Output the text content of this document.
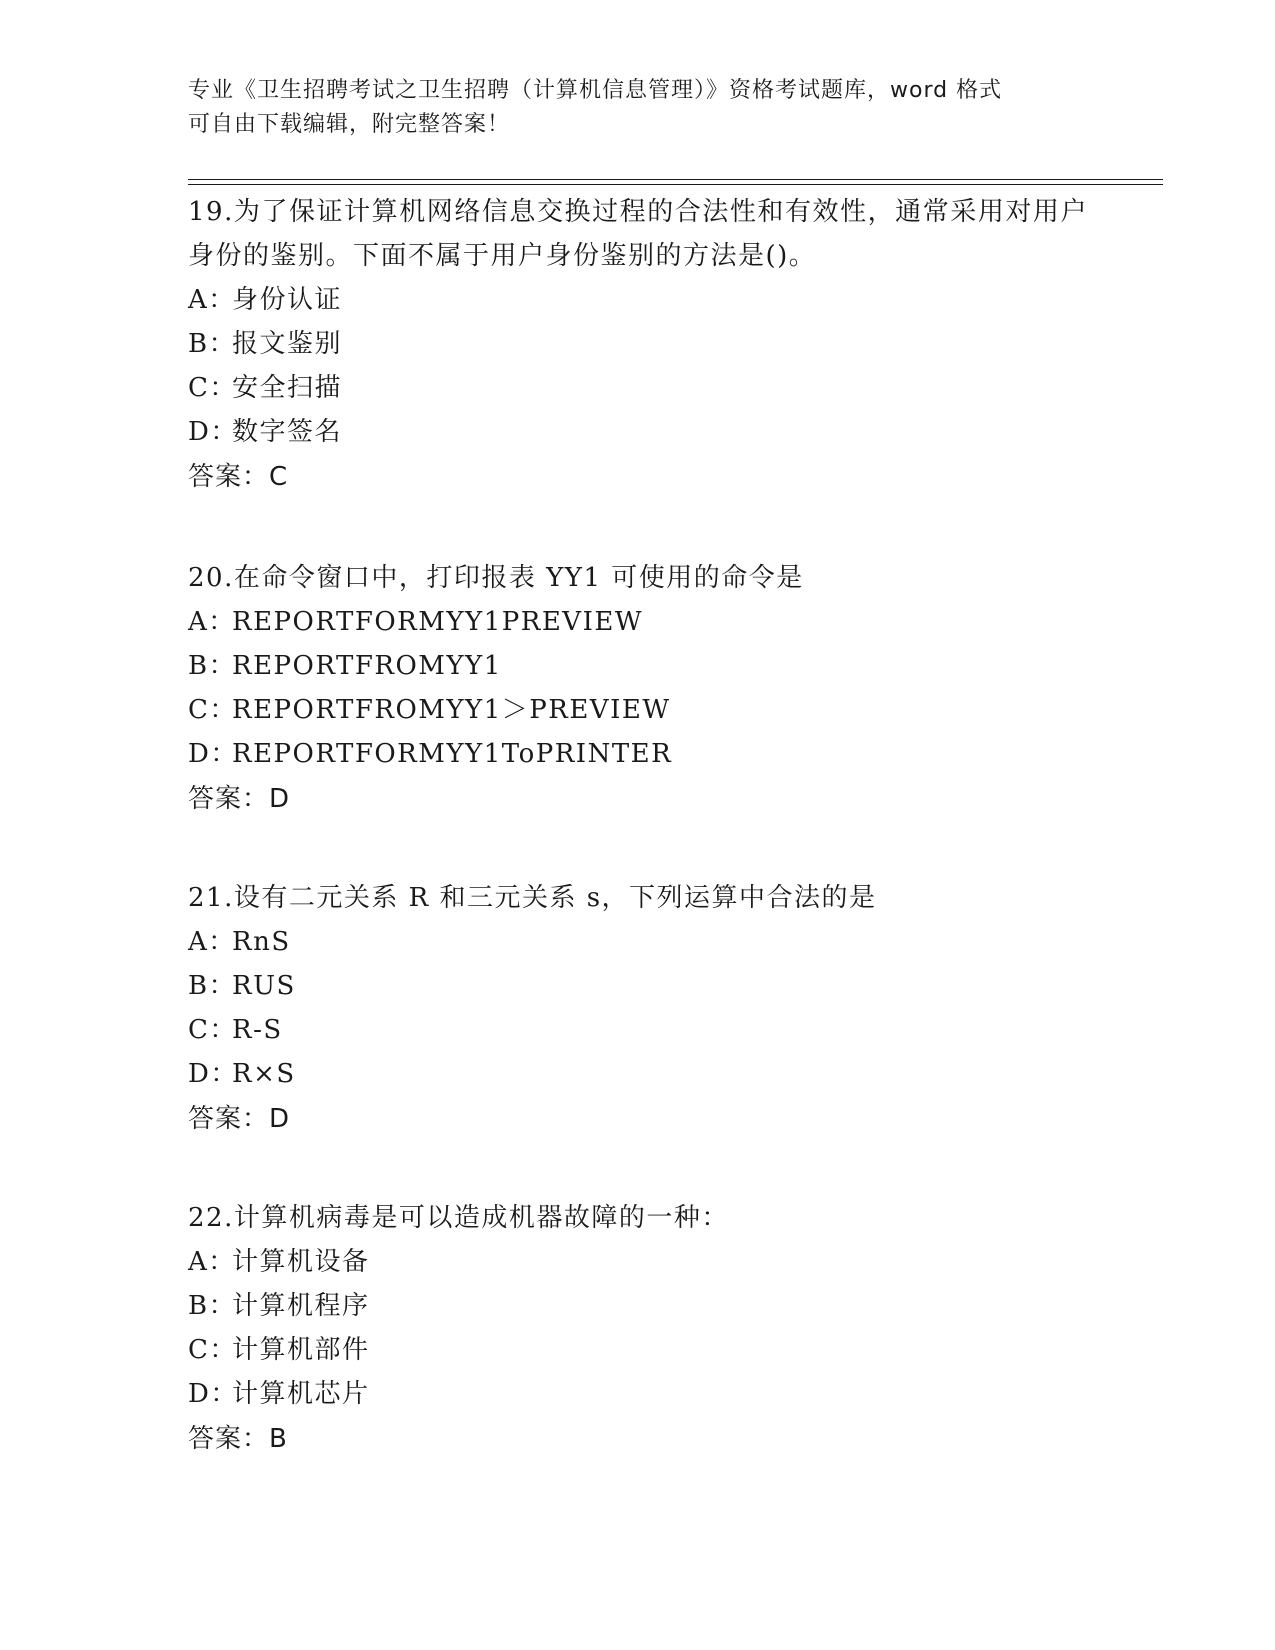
专业《卫生招聘考试之卫生招聘（计算机信息管理）》资格考试题库，word 格式
可自由下载编辑，附完整答案！
19.为了保证计算机网络信息交换过程的合法性和有效性，通常采用对用户身份的鉴别。下面不属于用户身份鉴别的方法是()。
A：身份认证
B：报文鉴别
C：安全扫描
D：数字签名
答案：C
20.在命令窗口中，打印报表 YY1 可使用的命令是
A：REPORTFORMYY1PREVIEW
B：REPORTFROMYY1
C：REPORTFROMYY1＞PREVIEW
D：REPORTFORMYY1ToPRINTER
答案：D
21.设有二元关系 R 和三元关系 s，下列运算中合法的是
A：RnS
B：RUS
C：R-S
D：R×S
答案：D
22.计算机病毒是可以造成机器故障的一种：
A：计算机设备
B：计算机程序
C：计算机部件
D：计算机芯片
答案：B
